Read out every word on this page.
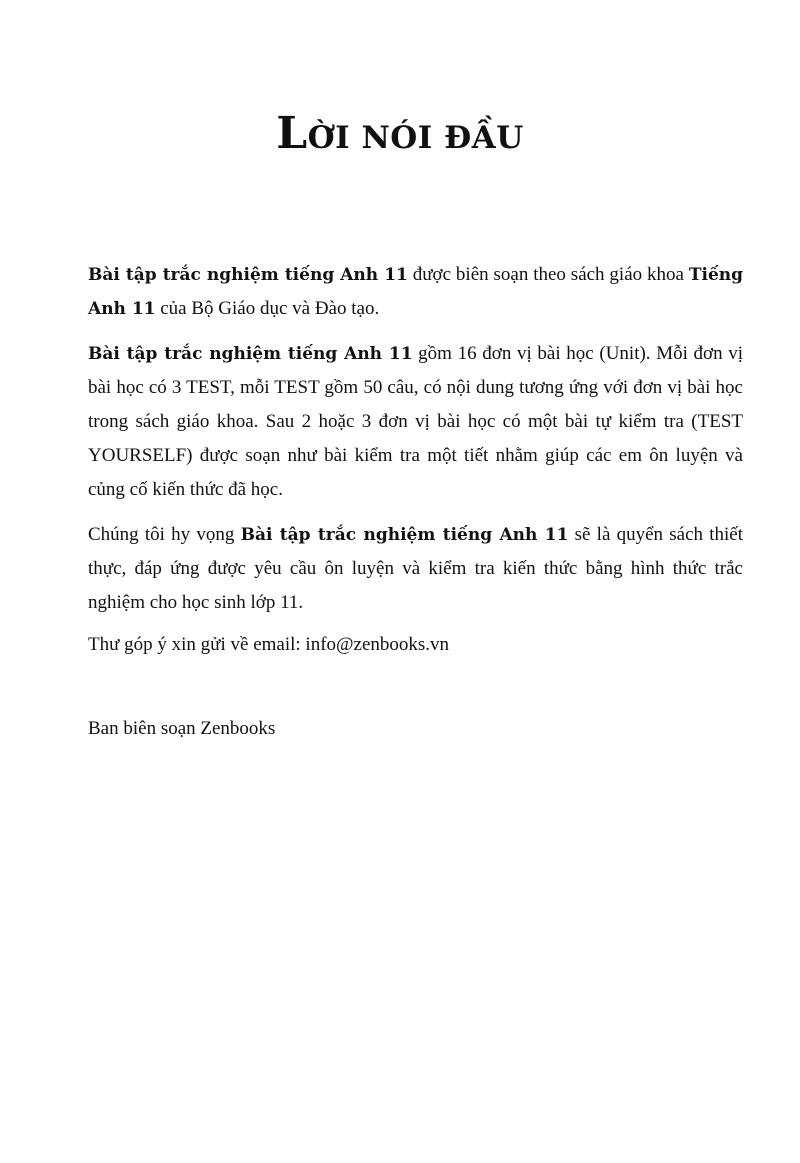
LỜI NÓI ĐẦU

Bài tập trắc nghiệm tiếng Anh 11 được biên soạn theo sách giáo khoa Tiếng Anh 11 của Bộ Giáo dục và Đào tạo.

Bài tập trắc nghiệm tiếng Anh 11 gồm 16 đơn vị bài học (Unit). Mỗi đơn vị bài học có 3 TEST, mỗi TEST gồm 50 câu, có nội dung tương ứng với đơn vị bài học trong sách giáo khoa. Sau 2 hoặc 3 đơn vị bài học có một bài tự kiểm tra (TEST YOURSELF) được soạn như bài kiểm tra một tiết nhằm giúp các em ôn luyện và củng cố kiến thức đã học.

Chúng tôi hy vọng Bài tập trắc nghiệm tiếng Anh 11 sẽ là quyển sách thiết thực, đáp ứng được yêu cầu ôn luyện và kiểm tra kiến thức bằng hình thức trắc nghiệm cho học sinh lớp 11.

Thư góp ý xin gửi về email: info@zenbooks.vn
Ban biên soạn Zenbooks
